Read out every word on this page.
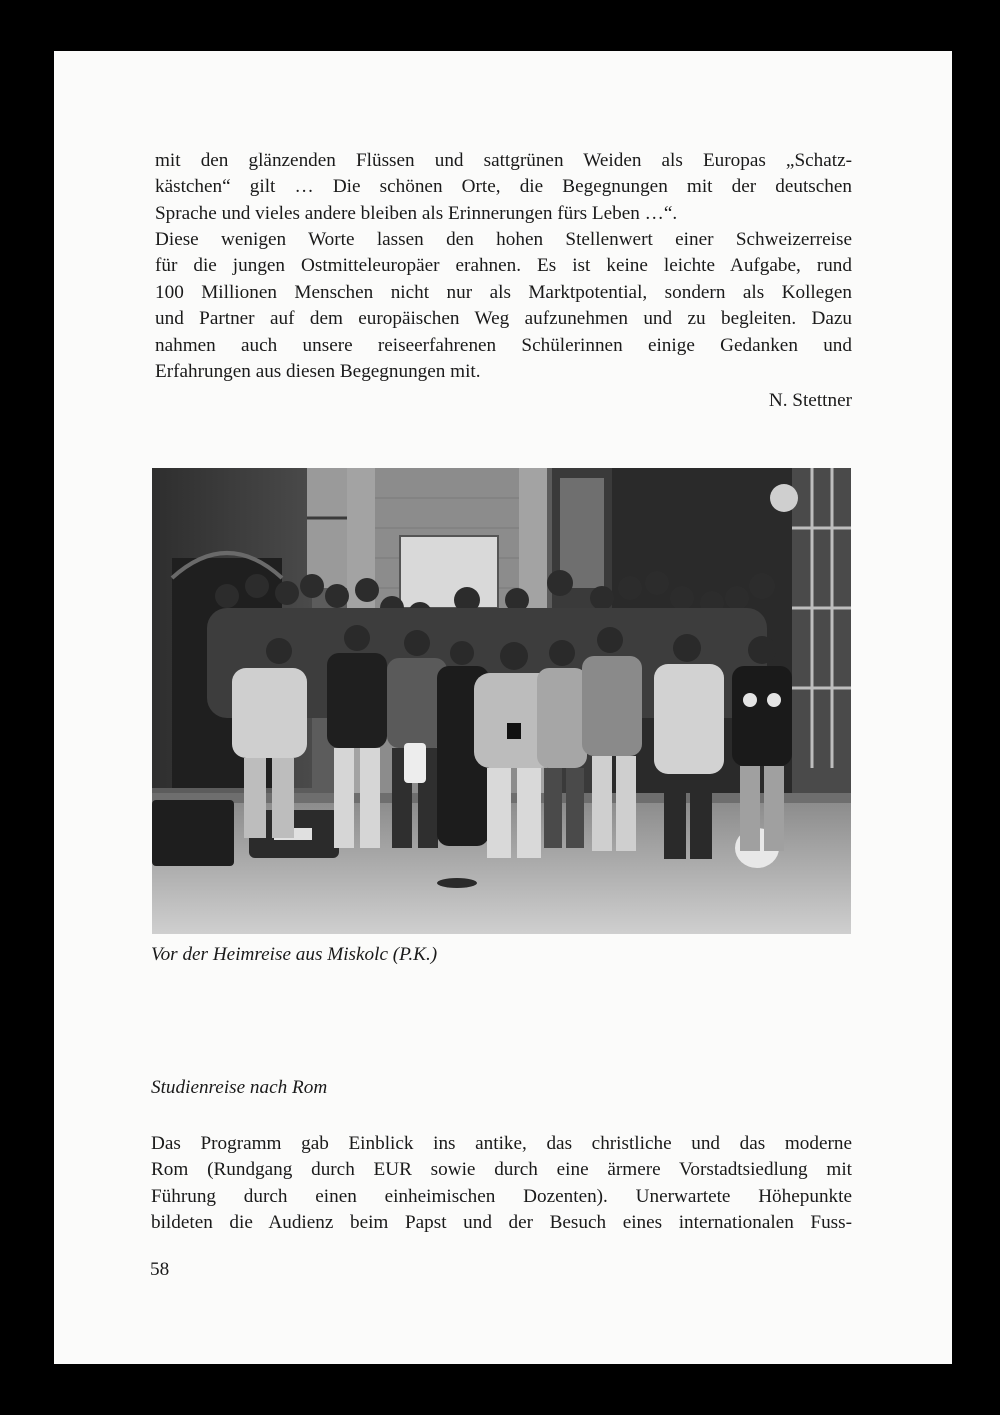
mit den glänzenden Flüssen und sattgrünen Weiden als Europas „Schatz-
kästchen“ gilt … Die schönen Orte, die Begegnungen mit der deutschen
Sprache und vieles andere bleiben als Erinnerungen fürs Leben …“.

Diese wenigen Worte lassen den hohen Stellenwert einer Schweizerreise
für die jungen Ostmitteleuropäer erahnen. Es ist keine leichte Aufgabe, rund
100 Millionen Menschen nicht nur als Marktpotential, sondern als Kollegen
und Partner auf dem europäischen Weg aufzunehmen und zu begleiten. Dazu
nahmen auch unsere reiseerfahrenen Schülerinnen einige Gedanken und
Erfahrungen aus diesen Begegnungen mit.

N. Stettner
Vor der Heimreise aus Miskolc (P.K.)
Studienreise nach Rom

Das Programm gab Einblick ins antike, das christliche und das moderne
Rom (Rundgang durch EUR sowie durch eine ärmere Vorstadtsiedlung mit
Führung durch einen einheimischen Dozenten). Unerwartete Höhepunkte
bildeten die Audienz beim Papst und der Besuch eines internationalen Fuss-

58
